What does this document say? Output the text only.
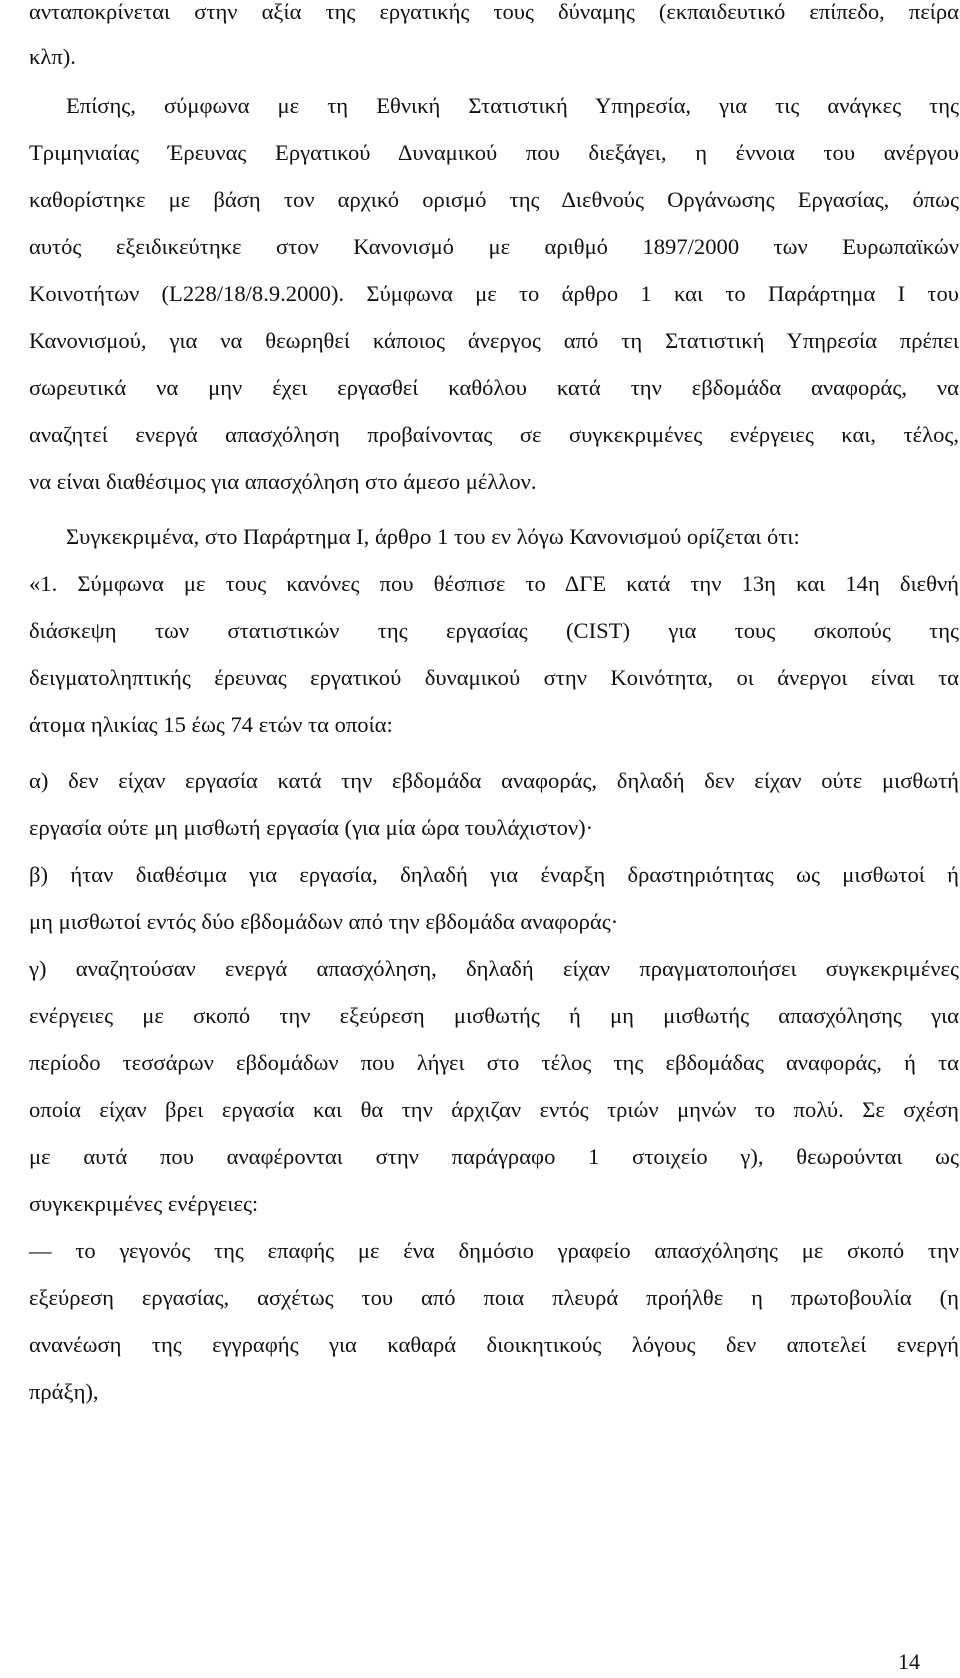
ανταποκρίνεται στην αξία της εργατικής τους δύναμης (εκπαιδευτικό επίπεδο, πείρα
κλπ).
Επίσης, σύμφωνα με τη Εθνική Στατιστική Υπηρεσία, για τις ανάγκες της
Τριμηνιαίας Έρευνας Εργατικού Δυναμικού που διεξάγει, η έννοια του ανέργου
καθορίστηκε με βάση τον αρχικό ορισμό της Διεθνούς Οργάνωσης Εργασίας, όπως
αυτός εξειδικεύτηκε στον Κανονισμό με αριθμό 1897/2000 των Ευρωπαϊκών
Κοινοτήτων (L228/18/8.9.2000). Σύμφωνα με το άρθρο 1 και το Παράρτημα Ι του
Κανονισμού, για να θεωρηθεί κάποιος άνεργος από τη Στατιστική Υπηρεσία πρέπει
σωρευτικά να μην έχει εργασθεί καθόλου κατά την εβδομάδα αναφοράς, να
αναζητεί ενεργά απασχόληση προβαίνοντας σε συγκεκριμένες ενέργειες και, τέλος,
να είναι διαθέσιμος για απασχόληση στο άμεσο μέλλον.
Συγκεκριμένα, στο Παράρτημα Ι, άρθρο 1 του εν λόγω Κανονισμού ορίζεται ότι:
«1. Σύμφωνα με τους κανόνες που θέσπισε το ΔΓΕ κατά την 13η και 14η διεθνή
διάσκεψη των στατιστικών της εργασίας (CIST) για τους σκοπούς της
δειγματοληπτικής έρευνας εργατικού δυναμικού στην Κοινότητα, οι άνεργοι είναι τα
άτομα ηλικίας 15 έως 74 ετών τα οποία:
α) δεν είχαν εργασία κατά την εβδομάδα αναφοράς, δηλαδή δεν είχαν ούτε μισθωτή
εργασία ούτε μη μισθωτή εργασία (για μία ώρα τουλάχιστον)·
β) ήταν διαθέσιμα για εργασία, δηλαδή για έναρξη δραστηριότητας ως μισθωτοί ή
μη μισθωτοί εντός δύο εβδομάδων από την εβδομάδα αναφοράς·
γ) αναζητούσαν ενεργά απασχόληση, δηλαδή είχαν πραγματοποιήσει συγκεκριμένες
ενέργειες με σκοπό την εξεύρεση μισθωτής ή μη μισθωτής απασχόλησης για
περίοδο τεσσάρων εβδομάδων που λήγει στο τέλος της εβδομάδας αναφοράς, ή τα
οποία είχαν βρει εργασία και θα την άρχιζαν εντός τριών μηνών το πολύ. Σε σχέση
με αυτά που αναφέρονται στην παράγραφο 1 στοιχείο γ), θεωρούνται ως
συγκεκριμένες ενέργειες:
— το γεγονός της επαφής με ένα δημόσιο γραφείο απασχόλησης με σκοπό την
εξεύρεση εργασίας, ασχέτως του από ποια πλευρά προήλθε η πρωτοβουλία (η
ανανέωση της εγγραφής για καθαρά διοικητικούς λόγους δεν αποτελεί ενεργή
πράξη),
14
